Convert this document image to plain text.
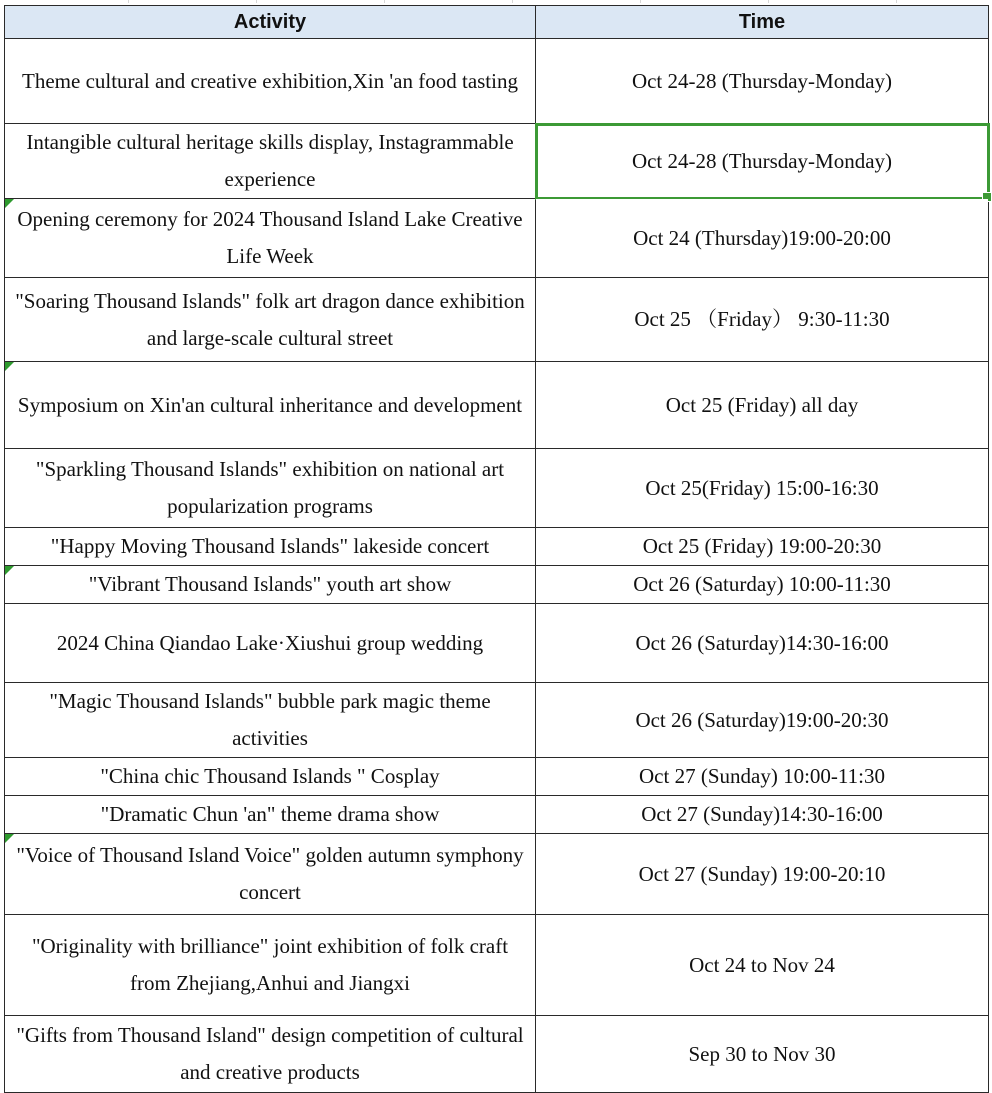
Activity	Time
Theme cultural and creative exhibition,Xin 'an food tasting	Oct 24-28 (Thursday-Monday)
Intangible cultural heritage skills display, Instagrammable experience	Oct 24-28 (Thursday-Monday)

Opening ceremony for 2024 Thousand Island Lake Creative Life Week	Oct 24 (Thursday)19:00-20:00
"Soaring Thousand Islands" folk art dragon dance exhibition and large-scale cultural street	Oct 25 （Friday） 9:30-11:30

Symposium on Xin'an cultural inheritance and development	Oct 25 (Friday) all day
"Sparkling Thousand Islands" exhibition on national art popularization programs	Oct 25(Friday) 15:00-16:30
"Happy Moving Thousand Islands" lakeside concert	Oct 25 (Friday) 19:00-20:30

"Vibrant Thousand Islands" youth art show	Oct 26 (Saturday) 10:00-11:30
2024 China Qiandao Lake·Xiushui group wedding	Oct 26 (Saturday)14:30-16:00
"Magic Thousand Islands" bubble park magic theme activities	Oct 26 (Saturday)19:00-20:30
"China chic Thousand Islands " Cosplay	Oct 27 (Sunday) 10:00-11:30
"Dramatic Chun 'an" theme drama show	Oct 27 (Sunday)14:30-16:00

"Voice of Thousand Island Voice" golden autumn symphony concert	Oct 27 (Sunday) 19:00-20:10
"Originality with brilliance" joint exhibition of folk craft from Zhejiang,Anhui and Jiangxi	Oct 24 to Nov 24
"Gifts from Thousand Island" design competition of cultural and creative products	Sep 30 to Nov 30
